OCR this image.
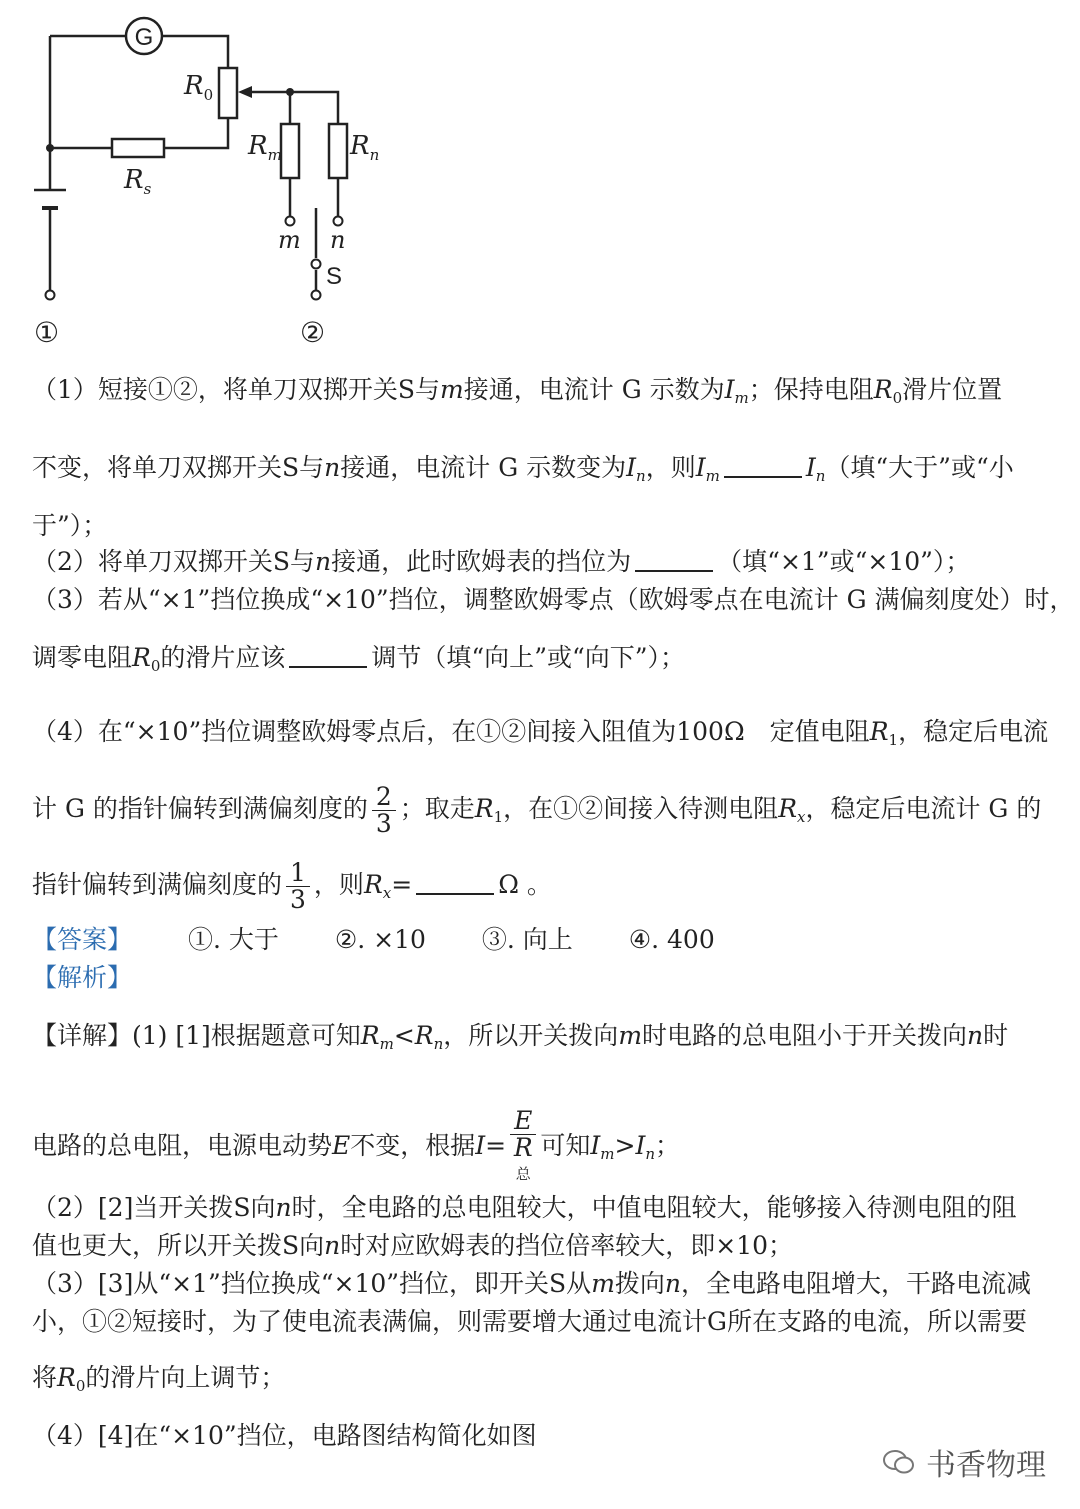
G
$R_0$
$R_s$
$R_m$	$R_n$
m n
S
①	②
（1）短接①②，将单刀双掷开关S与m接通，电流计 G 示数为$I_m$；保持电阻$R_0$滑片位置
不变，将单刀双掷开关S与n接通，电流计 G 示数变为$I_n$，则$I_m$	$I_n$（填“大于”或“小
于”）；
（2）将单刀双掷开关S与n接通，此时欧姆表的挡位为	（填“×1”或“×10”）；
（3）若从“×1”挡位换成“×10”挡位，调整欧姆零点（欧姆零点在电流计 G 满偏刻度处）时，
调零电阻$R_0$的滑片应该	调节（填“向上”或“向下”）；
（4）在“×10”挡位调整欧姆零点后，在①②间接入阻值为100Ω　定值电阻$R_1$，稳定后电流
计 G 的指针偏转到满偏刻度的 $\frac{2}{3}$ ；取走$R_1$，在①②间接入待测电阻$R_x$，稳定后电流计 G 的
指针偏转到满偏刻度的 $\frac{1}{3}$ ，则$R_x=$	Ω 。
【答案】 ①. 大于 ②. ×10 ③. 向上 ④. 400
【解析】
【详解】(1) [1]根据题意可知$R_m<R_n$，所以开关拨向m时电路的总电阻小于开关拨向n时
电路的总电阻，电源电动势E不变，根据I= E
R
总 可知$I_m>I_n$；
（2）[2]当开关拨S向n时，全电路的总电阻较大，中值电阻较大，能够接入待测电阻的阻
值也更大，所以开关拨S向n时对应欧姆表的挡位倍率较大，即×10；
（3）[3]从“×1”挡位换成“×10”挡位，即开关S从m拨向n，全电路电阻增大，干路电流减
小，①②短接时，为了使电流表满偏，则需要增大通过电流计G所在支路的电流，所以需要
将$R_0$的滑片向上调节；
（4）[4]在“×10”挡位，电路图结构简化如图
书香物理
